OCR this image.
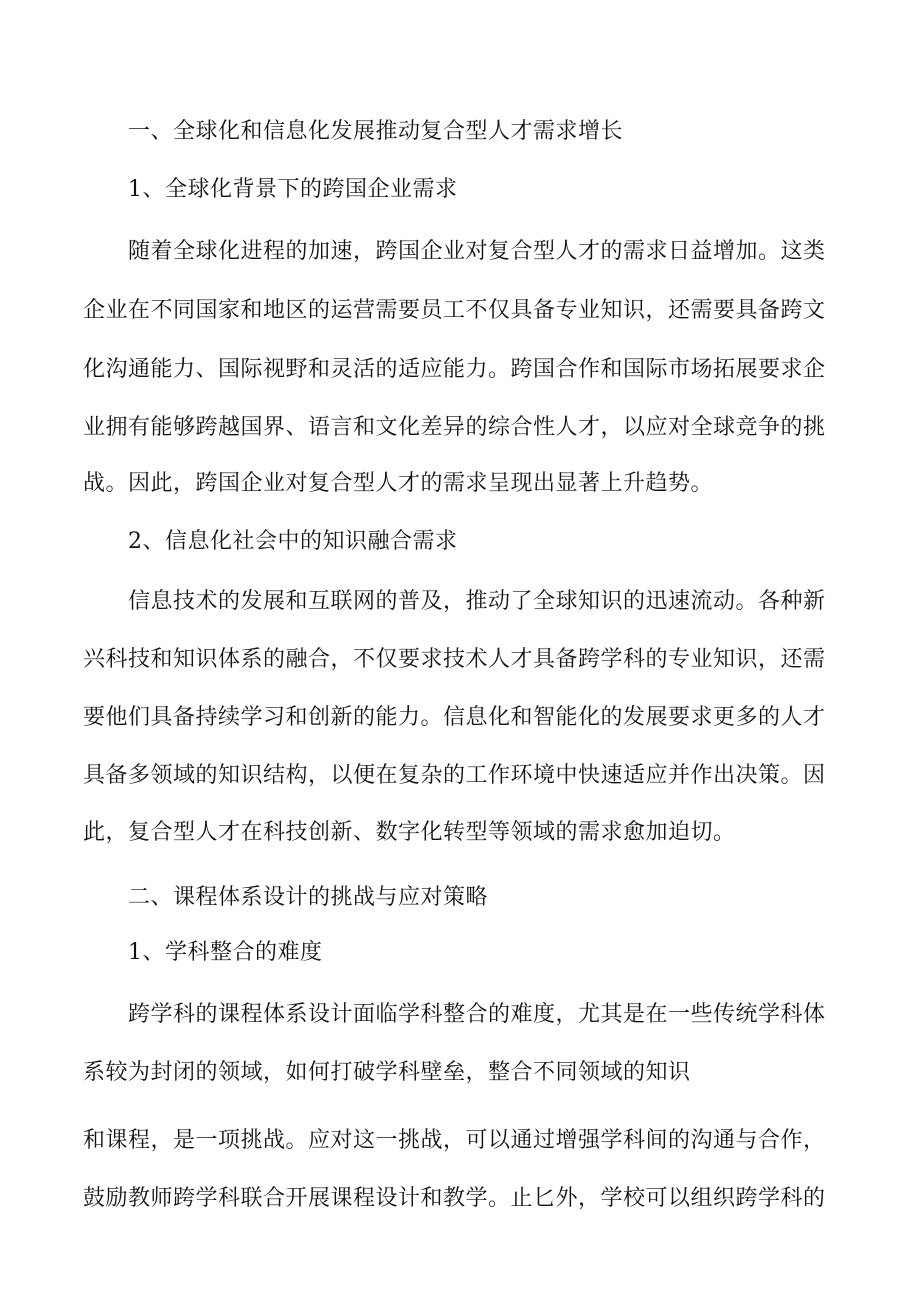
一、全球化和信息化发展推动复合型人才需求增长
1、全球化背景下的跨国企业需求
随着全球化进程的加速，跨国企业对复合型人才的需求日益增加。这类
企业在不同国家和地区的运营需要员工不仅具备专业知识，还需要具备跨文
化沟通能力、国际视野和灵活的适应能力。跨国合作和国际市场拓展要求企
业拥有能够跨越国界、语言和文化差异的综合性人才，以应对全球竞争的挑
战。因此，跨国企业对复合型人才的需求呈现出显著上升趋势。
2、信息化社会中的知识融合需求
信息技术的发展和互联网的普及，推动了全球知识的迅速流动。各种新
兴科技和知识体系的融合，不仅要求技术人才具备跨学科的专业知识，还需
要他们具备持续学习和创新的能力。信息化和智能化的发展要求更多的人才
具备多领域的知识结构，以便在复杂的工作环境中快速适应并作出决策。因
此，复合型人才在科技创新、数字化转型等领域的需求愈加迫切。
二、课程体系设计的挑战与应对策略
1、学科整合的难度
跨学科的课程体系设计面临学科整合的难度，尤其是在一些传统学科体
系较为封闭的领域，如何打破学科壁垒，整合不同领域的知识
和课程，是一项挑战。应对这一挑战，可以通过增强学科间的沟通与合作，
鼓励教师跨学科联合开展课程设计和教学。止匕外，学校可以组织跨学科的
